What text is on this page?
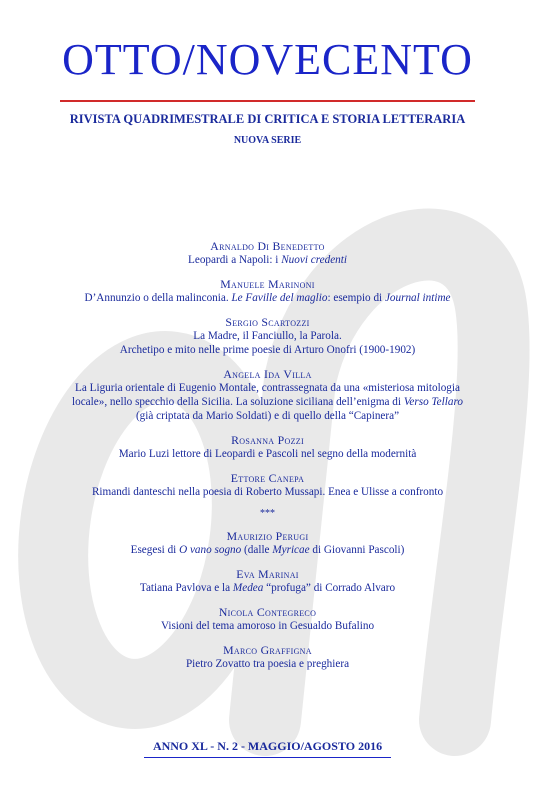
OTTO/NOVECENTO
RIVISTA QUADRIMESTRALE DI CRITICA E STORIA LETTERARIA
NUOVA SERIE
Arnaldo Di Benedetto
Leopardi a Napoli: i Nuovi credenti
Manuele Marinoni
D’Annunzio o della malinconia. Le Faville del maglio: esempio di Journal intime
Sergio Scartozzi
La Madre, il Fanciullo, la Parola.
Archetipo e mito nelle prime poesie di Arturo Onofri (1900-1902)
Angela Ida Villa
La Liguria orientale di Eugenio Montale, contrassegnata da una «misteriosa mitologia
locale», nello specchio della Sicilia. La soluzione siciliana dell’enigma di Verso Tellaro
(già criptata da Mario Soldati) e di quello della “Capinera”
Rosanna Pozzi
Mario Luzi lettore di Leopardi e Pascoli nel segno della modernità
Ettore Canepa
Rimandi danteschi nella poesia di Roberto Mussapi. Enea e Ulisse a confronto
***
Maurizio Perugi
Esegesi di O vano sogno (dalle Myricae di Giovanni Pascoli)
Eva Marinai
Tatiana Pavlova e la Medea “profuga” di Corrado Alvaro
Nicola Contegreco
Visioni del tema amoroso in Gesualdo Bufalino
Marco Graffigna
Pietro Zovatto tra poesia e preghiera
ANNO XL - N. 2 - MAGGIO/AGOSTO 2016
